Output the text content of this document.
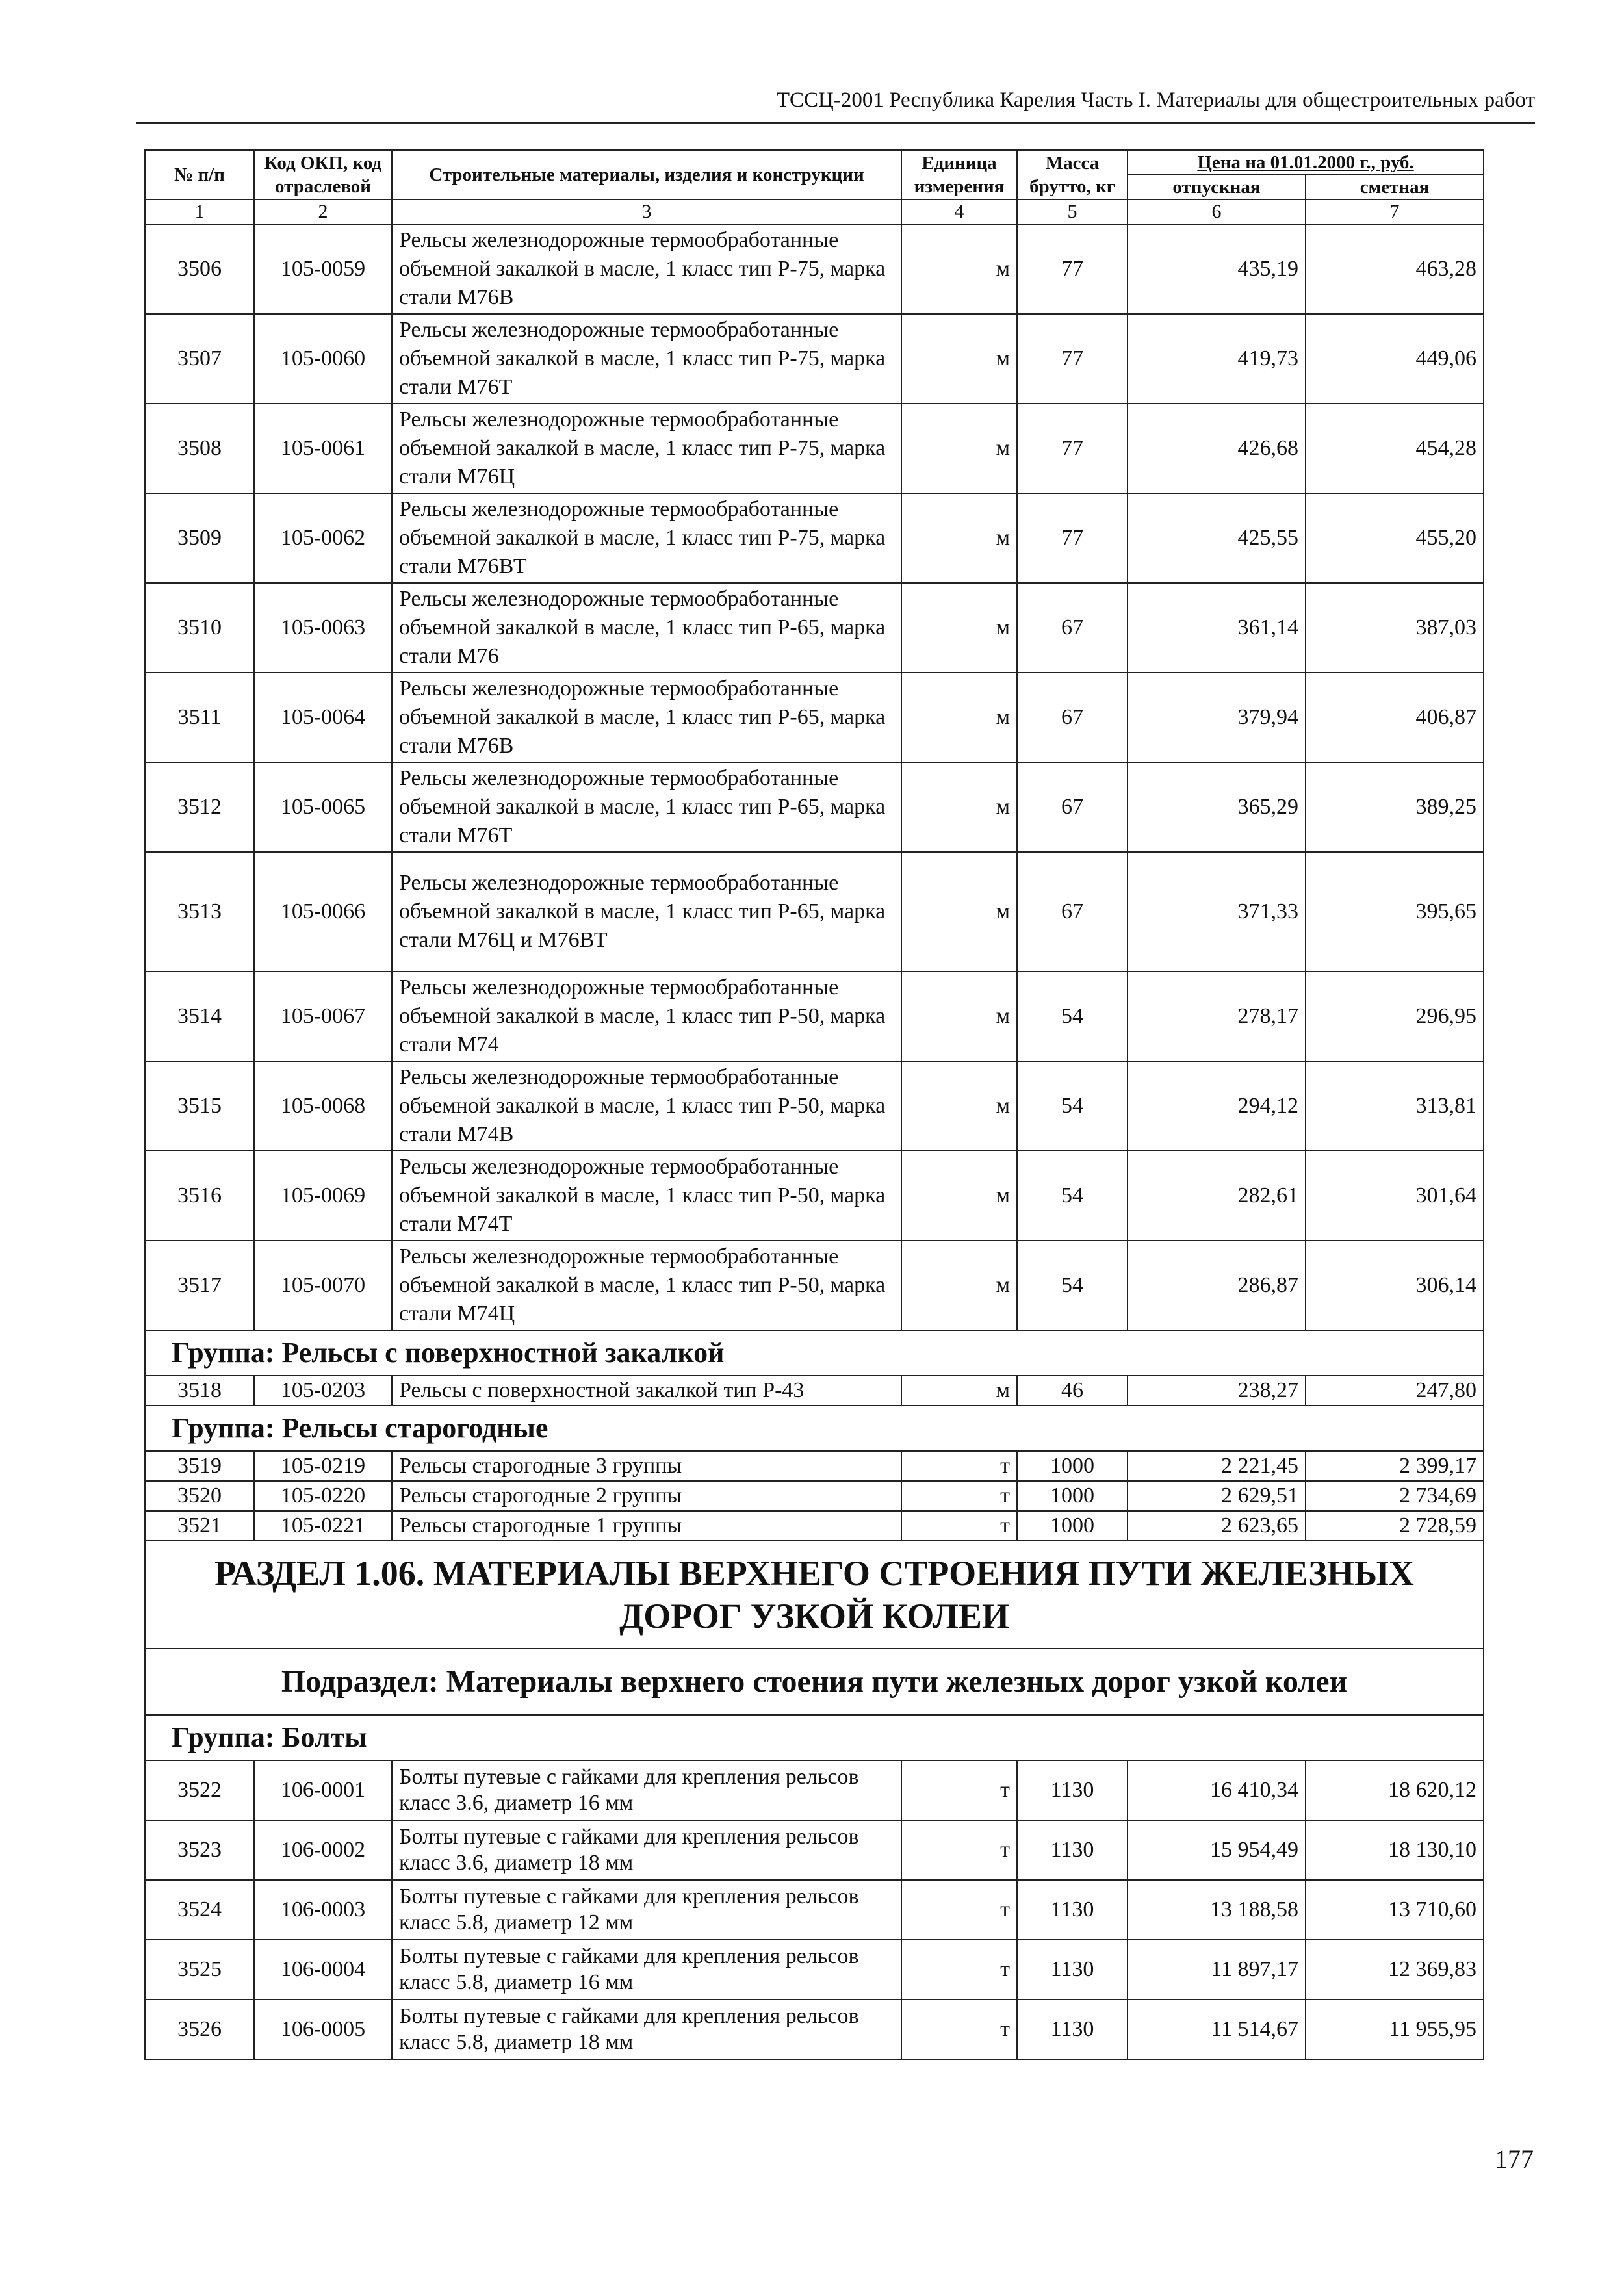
ТССЦ-2001 Республика Карелия Часть I. Материалы для общестроительных работ
№ п/п	Код ОКП, код отраслевой	Строительные материалы, изделия и конструкции	Единица измерения	Масса брутто, кг	Цена на 01.01.2000 г., руб.	
					отпускная	сметная
1	2	3	4	5	6	7
3506	105-0059	Рельсы железнодорожные термообработанные объемной закалкой в масле, 1 класс тип Р-75, марка стали М76В	м	77	435,19	463,28
3507	105-0060	Рельсы железнодорожные термообработанные объемной закалкой в масле, 1 класс тип Р-75, марка стали М76Т	м	77	419,73	449,06
3508	105-0061	Рельсы железнодорожные термообработанные объемной закалкой в масле, 1 класс тип Р-75, марка стали М76Ц	м	77	426,68	454,28
3509	105-0062	Рельсы железнодорожные термообработанные объемной закалкой в масле, 1 класс тип Р-75, марка стали М76ВТ	м	77	425,55	455,20
3510	105-0063	Рельсы железнодорожные термообработанные объемной закалкой в масле, 1 класс тип Р-65, марка стали М76	м	67	361,14	387,03
3511	105-0064	Рельсы железнодорожные термообработанные объемной закалкой в масле, 1 класс тип Р-65, марка стали М76В	м	67	379,94	406,87
3512	105-0065	Рельсы железнодорожные термообработанные объемной закалкой в масле, 1 класс тип Р-65, марка стали М76Т	м	67	365,29	389,25
3513	105-0066	Рельсы железнодорожные термообработанные объемной закалкой в масле, 1 класс тип Р-65, марка стали М76Ц и М76ВТ	м	67	371,33	395,65
3514	105-0067	Рельсы железнодорожные термообработанные объемной закалкой в масле, 1 класс тип Р-50, марка стали М74	м	54	278,17	296,95
3515	105-0068	Рельсы железнодорожные термообработанные объемной закалкой в масле, 1 класс тип Р-50, марка стали М74В	м	54	294,12	313,81
3516	105-0069	Рельсы железнодорожные термообработанные объемной закалкой в масле, 1 класс тип Р-50, марка стали М74Т	м	54	282,61	301,64
3517	105-0070	Рельсы железнодорожные термообработанные объемной закалкой в масле, 1 класс тип Р-50, марка стали М74Ц	м	54	286,87	306,14
Группа: Рельсы с поверхностной закалкой						
3518	105-0203	Рельсы с поверхностной закалкой тип Р-43	м	46	238,27	247,80
Группа: Рельсы старогодные						
3519	105-0219	Рельсы старогодные 3 группы	т	1000	2 221,45	2 399,17
3520	105-0220	Рельсы старогодные 2 группы	т	1000	2 629,51	2 734,69
3521	105-0221	Рельсы старогодные 1 группы	т	1000	2 623,65	2 728,59
РАЗДЕЛ 1.06. МАТЕРИАЛЫ ВЕРХНЕГО СТРОЕНИЯ ПУТИ ЖЕЛЕЗНЫХ ДОРОГ УЗКОЙ КОЛЕИ						
Подраздел: Материалы верхнего стоения пути железных дорог узкой колеи						
Группа: Болты						
3522	106-0001	Болты путевые с гайками для крепления рельсов класс 3.6, диаметр 16 мм	т	1130	16 410,34	18 620,12
3523	106-0002	Болты путевые с гайками для крепления рельсов класс 3.6, диаметр 18 мм	т	1130	15 954,49	18 130,10
3524	106-0003	Болты путевые с гайками для крепления рельсов класс 5.8, диаметр 12 мм	т	1130	13 188,58	13 710,60
3525	106-0004	Болты путевые с гайками для крепления рельсов класс 5.8, диаметр 16 мм	т	1130	11 897,17	12 369,83
3526	106-0005	Болты путевые с гайками для крепления рельсов класс 5.8, диаметр 18 мм	т	1130	11 514,67	11 955,95
177
